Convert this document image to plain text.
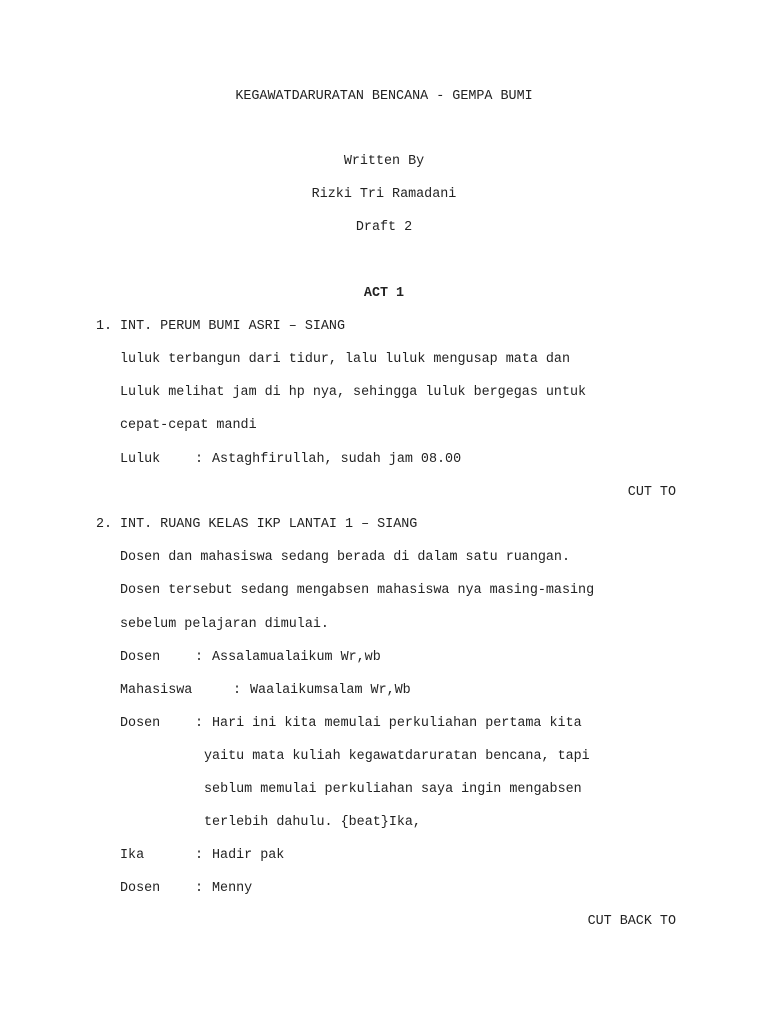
KEGAWATDARURATAN BENCANA - GEMPA BUMI
Written By
Rizki Tri Ramadani
Draft 2
ACT 1
1. INT. PERUM BUMI ASRI – SIANG
luluk terbangun dari tidur, lalu luluk mengusap mata dan
Luluk melihat jam di hp nya, sehingga luluk bergegas untuk
cepat-cepat mandi
Luluk	: Astaghfirullah, sudah jam 08.00
CUT TO
2. INT. RUANG KELAS IKP LANTAI 1 – SIANG
Dosen dan mahasiswa sedang berada di dalam satu ruangan.
Dosen tersebut sedang mengabsen mahasiswa nya masing-masing
sebelum pelajaran dimulai.
Dosen	: Assalamualaikum Wr,wb
Mahasiswa	: Waalaikumsalam Wr,Wb
Dosen	: Hari ini kita memulai perkuliahan pertama kita
yaitu mata kuliah kegawatdaruratan bencana, tapi
seblum memulai perkuliahan saya ingin mengabsen
terlebih dahulu. {beat}Ika,
Ika	: Hadir pak
Dosen	: Menny
CUT BACK TO
